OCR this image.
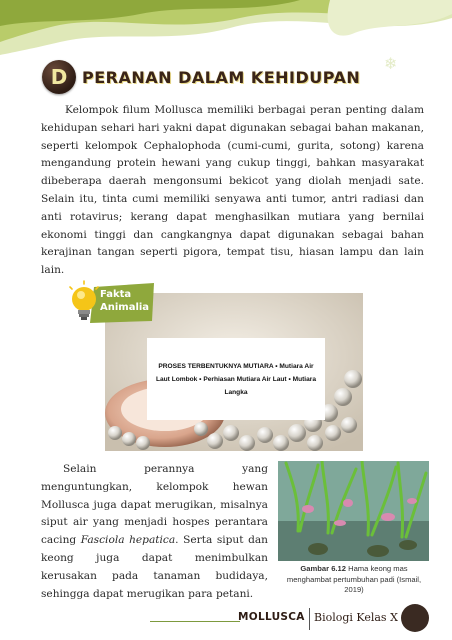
D PERANAN DALAM KEHIDUPAN
❄

Kelompok filum Mollusca memiliki berbagai peran penting dalam kehidupan sehari hari yakni dapat digunakan sebagai bahan makanan, seperti kelompok Cephalophoda (cumi-cumi, gurita, sotong) karena mengandung protein hewani yang cukup tinggi, bahkan masyarakat dibeberapa daerah mengonsumi bekicot yang diolah menjadi sate. Selain itu, tinta cumi memiliki senyawa anti tumor, antri radiasi dan anti rotavirus; kerang dapat menghasilkan mutiara yang bernilai ekonomi tinggi dan cangkangnya dapat digunakan sebagai bahan kerajinan tangan seperti pigora, tempat tisu, hiasan lampu dan lain lain.

PROSES TERBENTUKNYA MUTIARA • Mutiara Air Laut Lombok • Perhiasan Mutiara Air Laut • Mutiara Langka
Fakta
Animalia

Selain perannya yang menguntungkan, kelompok hewan Mollusca juga dapat merugikan, misalnya siput air yang menjadi hospes perantara cacing Fasciola hepatica. Serta siput dan keong juga dapat menimbulkan kerusakan pada tanaman budidaya, sehingga dapat merugikan para petani.

Gambar 6.12 Hama keong mas menghambat pertumbuhan padi (Ismail, 2019)
MOLLUSCA Biologi Kelas X
